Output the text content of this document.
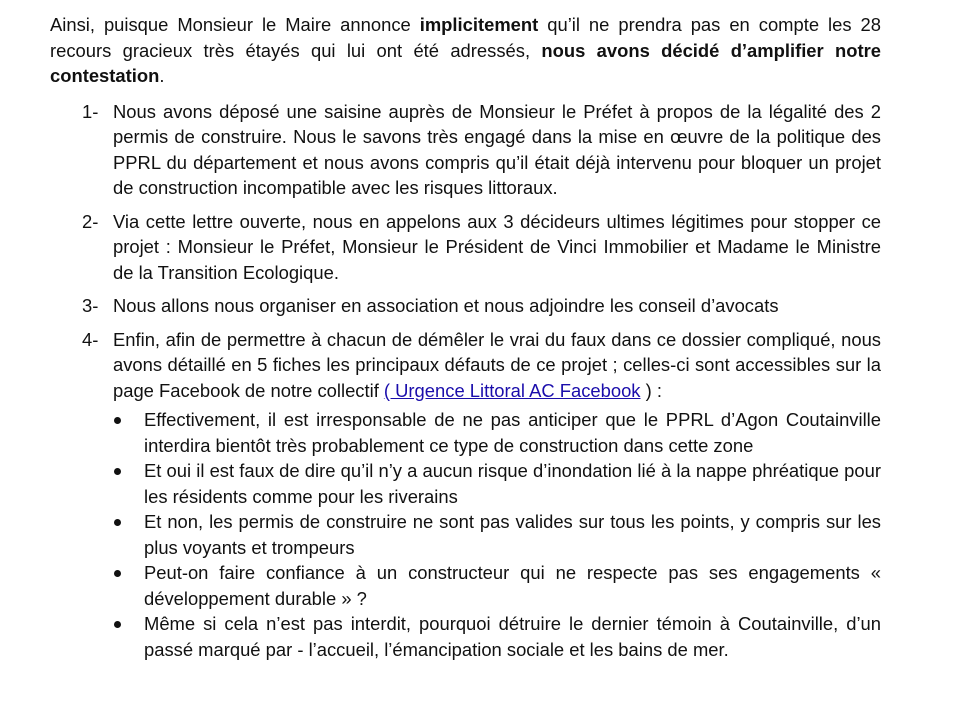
Ainsi, puisque Monsieur le Maire annonce implicitement qu’il ne prendra pas en compte les 28 recours gracieux très étayés qui lui ont été adressés, nous avons décidé d’amplifier notre contestation.

1- Nous avons déposé une saisine auprès de Monsieur le Préfet à propos de la légalité des 2 permis de construire. Nous le savons très engagé dans la mise en œuvre de la politique des PPRL du département et nous avons compris qu’il était déjà intervenu pour bloquer un projet de construction incompatible avec les risques littoraux.
2- Via cette lettre ouverte, nous en appelons aux 3 décideurs ultimes légitimes pour stopper ce projet : Monsieur le Préfet, Monsieur le Président de Vinci Immobilier et Madame le Ministre de la Transition Ecologique.
3- Nous allons nous organiser en association et nous adjoindre les conseil d’avocats
4- Enfin, afin de permettre à chacun de démêler le vrai du faux dans ce dossier compliqué, nous avons détaillé en 5 fiches les principaux défauts de ce projet ; celles-ci sont accessibles sur la page Facebook de notre collectif ( Urgence Littoral AC Facebook ) :
Effectivement, il est irresponsable de ne pas anticiper que le PPRL d’Agon Coutainville interdira bientôt très probablement ce type de construction dans cette zone
Et oui il est faux de dire qu’il n’y a aucun risque d’inondation lié à la nappe phréatique pour les résidents comme pour les riverains
Et non, les permis de construire ne sont pas valides sur tous les points, y compris sur les plus voyants et trompeurs
Peut-on faire confiance à un constructeur qui ne respecte pas ses engagements « développement durable » ?
Même si cela n’est pas interdit, pourquoi détruire le dernier témoin à Coutainville, d’un passé marqué par - l’accueil, l’émancipation sociale et les bains de mer.
